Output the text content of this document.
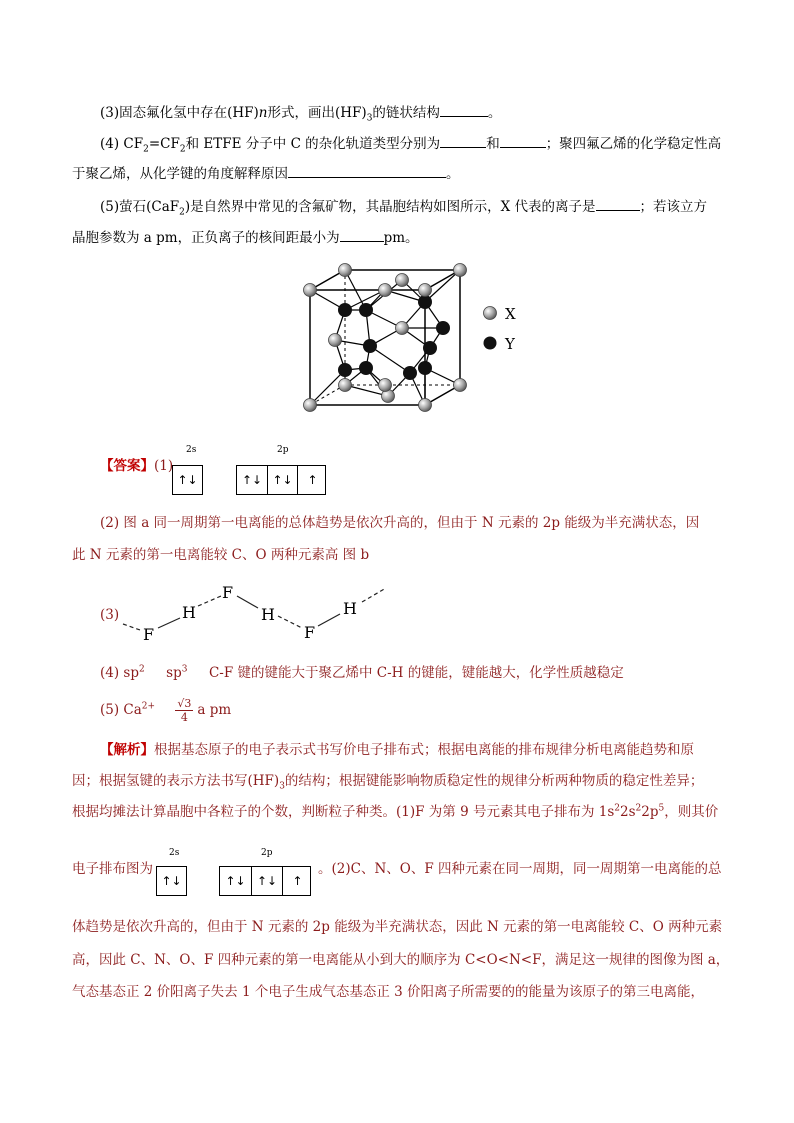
(3)固态氟化氢中存在(HF)n形式，画出$(HF)_3$的链状结构	。
(4) $CF_2=CF_2$和 ETFE 分子中 C 的杂化轨道类型分别为	和	；聚四氟乙烯的化学稳定性高
于聚乙烯，从化学键的角度解释原因	。
(5)萤石(CaF$_2$)是自然界中常见的含氟矿物，其晶胞结构如图所示，X 代表的离子是	；若该立方
晶胞参数为 a pm，正负离子的核间距最小为	pm。
X
Y
【答案】(1)
2s	2p
↑↓	↑↓ ↑↓	↑
(2) 图 a 同一周期第一电离能的总体趋势是依次升高的，但由于 N 元素的 2p 能级为半充满状态，因
此 N 元素的第一电离能较 C、O 两种元素高 图 b
(3)
F
H
F
H
F
H
(4) $sp^2$     $sp^3$     C-F 键的键能大于聚乙烯中 C-H 的键能，键能越大，化学性质越稳定
(5) $Ca^{2+} \frac{√3}{4}$ a pm
【解析】根据基态原子的电子表示式书写价电子排布式；根据电离能的排布规律分析电离能趋势和原
因；根据氢键的表示方法书写$(HF)_3$的结构；根据键能影响物质稳定性的规律分析两种物质的稳定性差异；
根据均摊法计算晶胞中各粒子的个数，判断粒子种类。(1)F 为第 9 号元素其电子排布为 $1s^22s^22p^5$，则其价
电子排布图为
2s	2p
↑↓	↑↓ ↑↓	↑
。(2)C、N、O、F 四种元素在同一周期，同一周期第一电离能的总
体趋势是依次升高的，但由于 N 元素的 2p 能级为半充满状态，因此 N 元素的第一电离能较 C、O 两种元素
高，因此 C、N、O、F 四种元素的第一电离能从小到大的顺序为 C<O<N<F，满足这一规律的图像为图 a，
气态基态正 2 价阳离子失去 1 个电子生成气态基态正 3 价阳离子所需要的的能量为该原子的第三电离能，
